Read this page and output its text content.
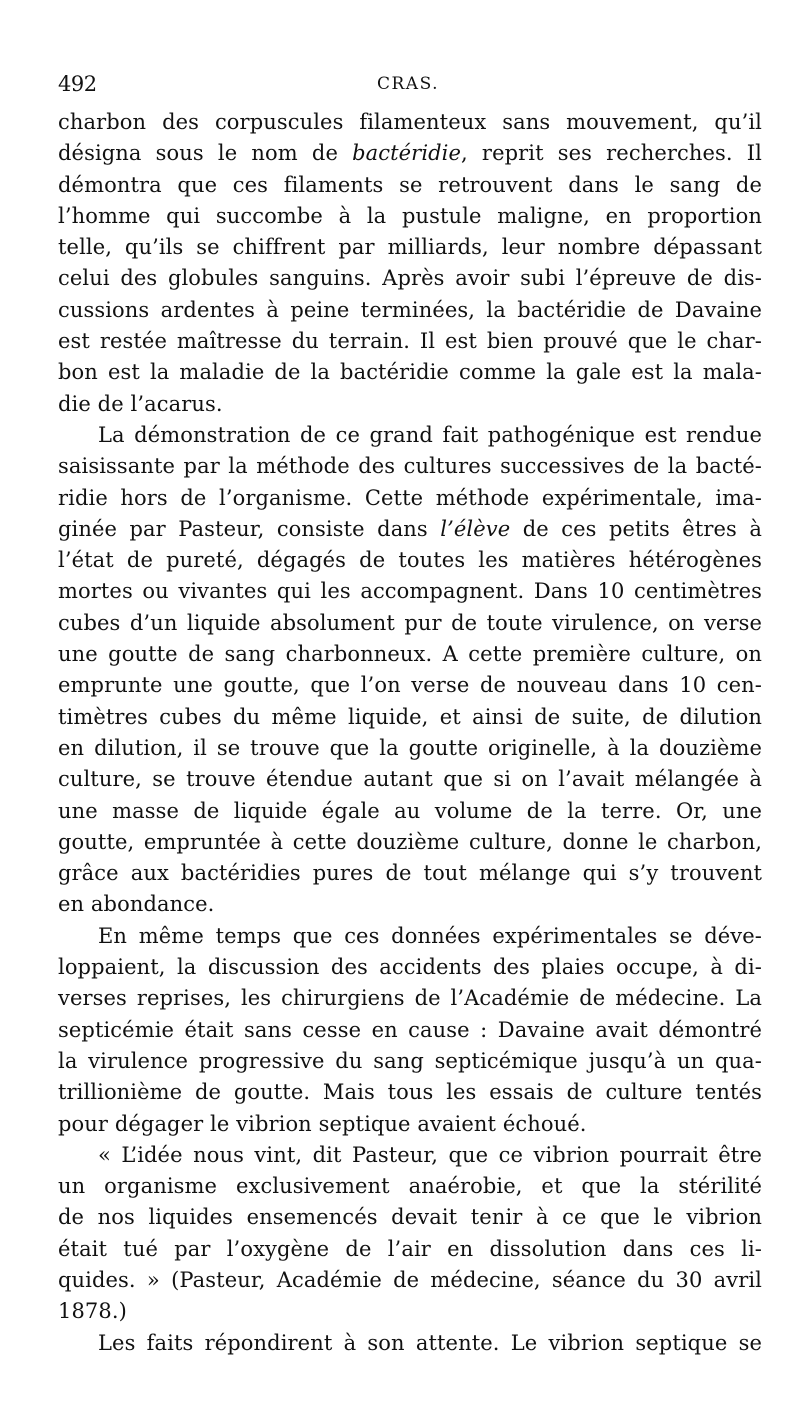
492	CRAS.
charbon des corpuscules filamenteux sans mouvement, qu’il
désigna sous le nom de bactéridie, reprit ses recherches. Il
démontra que ces filaments se retrouvent dans le sang de
l’homme qui succombe à la pustule maligne, en proportion
telle, qu’ils se chiffrent par milliards, leur nombre dépassant
celui des globules sanguins. Après avoir subi l’épreuve de dis-
cussions ardentes à peine terminées, la bactéridie de Davaine
est restée maîtresse du terrain. Il est bien prouvé que le char-
bon est la maladie de la bactéridie comme la gale est la mala-
die de l’acarus.
La démonstration de ce grand fait pathogénique est rendue
saisissante par la méthode des cultures successives de la bacté-
ridie hors de l’organisme. Cette méthode expérimentale, ima-
ginée par Pasteur, consiste dans l’élève de ces petits êtres à
l’état de pureté, dégagés de toutes les matières hétérogènes
mortes ou vivantes qui les accompagnent. Dans 10 centimètres
cubes d’un liquide absolument pur de toute virulence, on verse
une goutte de sang charbonneux. A cette première culture, on
emprunte une goutte, que l’on verse de nouveau dans 10 cen-
timètres cubes du même liquide, et ainsi de suite, de dilution
en dilution, il se trouve que la goutte originelle, à la douzième
culture, se trouve étendue autant que si on l’avait mélangée à
une masse de liquide égale au volume de la terre. Or, une
goutte, empruntée à cette douzième culture, donne le charbon,
grâce aux bactéridies pures de tout mélange qui s’y trouvent
en abondance.
En même temps que ces données expérimentales se déve-
loppaient, la discussion des accidents des plaies occupe, à di-
verses reprises, les chirurgiens de l’Académie de médecine. La
septicémie était sans cesse en cause : Davaine avait démontré
la virulence progressive du sang septicémique jusqu’à un qua-
trillionième de goutte. Mais tous les essais de culture tentés
pour dégager le vibrion septique avaient échoué.
« L’idée nous vint, dit Pasteur, que ce vibrion pourrait être
un organisme exclusivement anaérobie, et que la stérilité
de nos liquides ensemencés devait tenir à ce que le vibrion
était tué par l’oxygène de l’air en dissolution dans ces li-
quides. » (Pasteur, Académie de médecine, séance du 30 avril
1878.)
Les faits répondirent à son attente. Le vibrion septique se
